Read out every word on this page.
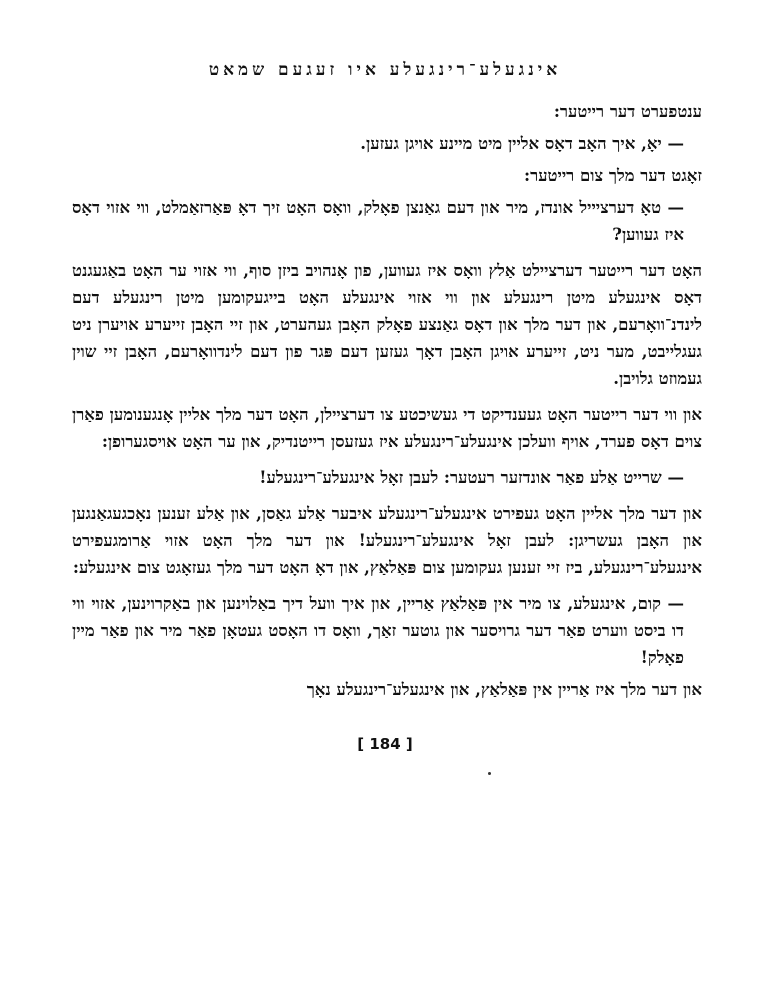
אינגעלע־רינגעלע איו זעגעם שמאט

ענטפערט דער רייטער:

— יאָ, איך האָב דאָס אליין מיט מיינע אויגן געזען.

זאָגט דער מלך צום רייטער:

— טאָ דערציייל אונדז, מיר און דעם גאַנצן פאָלק, וואָס האָט זיך דאָ פּאַרזאַמלט, ווי אזוי דאָס איז געווען?

האָט דער רייטער דערציילט אַלץ וואָס איז געווען, פון אָנהויב ביזן סוף, ווי אזוי ער האָט באַגעגנט דאָס אינגעלע מיטן רינגעלע און ווי אזוי אינגעלע האָט בייגעקומען מיטן רינגעלע דעם לינדנ־וואָרעם, און דער מלך און דאָס גאַנצע פאָלק האָבן געהערט, און זיי האָבן זייערע אויערן ניט געגלייבט, מער ניט, זייערע אויגן האָבן דאָך געזען דעם פּגר פון דעם לינדוואָרעם, האָבן זיי שוין געמוזט גלויבן.

און ווי דער רייטער האָט געענדיקט די געשיכטע צו דערציילן, האָט דער מלך אליין אָנגענומען פאַרן צוים דאָס פערד, אויף וועלכן אינגעלע־רינגעלע איז געזעסן רייטנדיק, און ער האָט אויסגערופן:

— שרייט אַלע פאַר אונדזער רעטער: לעבן זאָל אינגעלע־רינגעלע!

און דער מלך אליין האָט געפירט אינגעלע־רינגעלע איבער אַלע גאַסן, און אַלע זענען נאָכגעגאַנגען און האָבן געשריגן: לעבן זאָל אינגעלע־רינגעלע! און דער מלך האָט אזוי אַרומגעפירט אינגעלע־רינגעלע, ביז זיי זענען געקומען צום פּאַלאַץ, און דאָ האָט דער מלך געזאָגט צום אינגעלע:

— קום, אינגעלע, צו מיר אין פּאַלאַץ אַריין, און איך וועל דיך באַלוינען און באַקרוינען, אזוי ווי דו ביסט ווערט פאַר דער גרויסער און גוטער זאַך, וואָס דו האָסט געטאָן פאַר מיר און פאַר מיין פאָלק!

און דער מלך איז אַריין אין פּאַלאַץ, און אינגעלע־רינגעלע נאָך

[ 184 ]
